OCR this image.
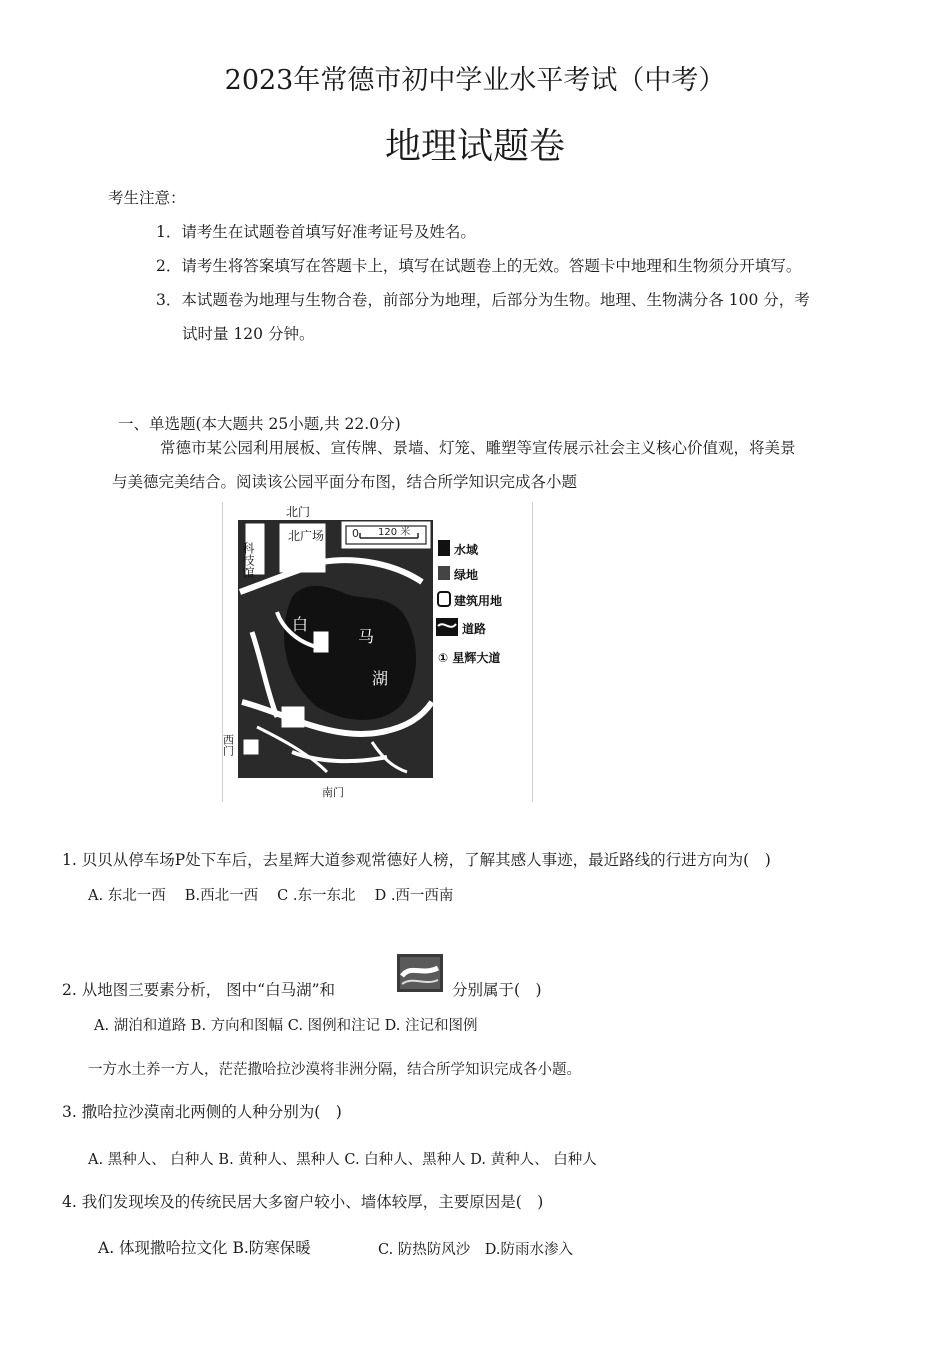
2023年常德市初中学业水平考试（中考）
地理试题卷
考生注意：
1．请考生在试题卷首填写好准考证号及姓名。
2．请考生将答案填写在答题卡上，填写在试题卷上的无效。答题卡中地理和生物须分开填写。
3．本试题卷为地理与生物合卷，前部分为地理，后部分为生物。地理、生物满分各 100 分，考
试时量 120 分钟。
一、单选题(本大题共 25小题,共 22.0分)
常德市某公园利用展板、宣传牌、景墙、灯笼、雕塑等宣传展示社会主义核心价值观，将美景
与美德完美结合。阅读该公园平面分布图，结合所学知识完成各小题
0 120 米
北门
科技馆
北广场
西门
南门
白
马
湖
水域
绿地
建筑用地
道路
① 星辉大道
1. 贝贝从停车场P处下车后，去星辉大道参观常德好人榜，了解其感人事迹，最近路线的行进方向为(　)
A. 东北一西　 B.西北一西　 C .东一东北　 D .西一西南
2. 从地图三要素分析， 图中“白马湖”和	分别属于(　)
A. 湖泊和道路 B. 方向和图幅 C. 图例和注记 D. 注记和图例
一方水土养一方人，茫茫撒哈拉沙漠将非洲分隔，结合所学知识完成各小题。
3. 撒哈拉沙漠南北两侧的人种分别为(　)
A. 黑种人、 白种人 B. 黄种人、黑种人 C. 白种人、黑种人 D. 黄种人、 白种人
4. 我们发现埃及的传统民居大多窗户较小、墙体较厚，主要原因是(　)
A. 体现撒哈拉文化 B.防寒保暖	C. 防热防风沙　D.防雨水渗入
